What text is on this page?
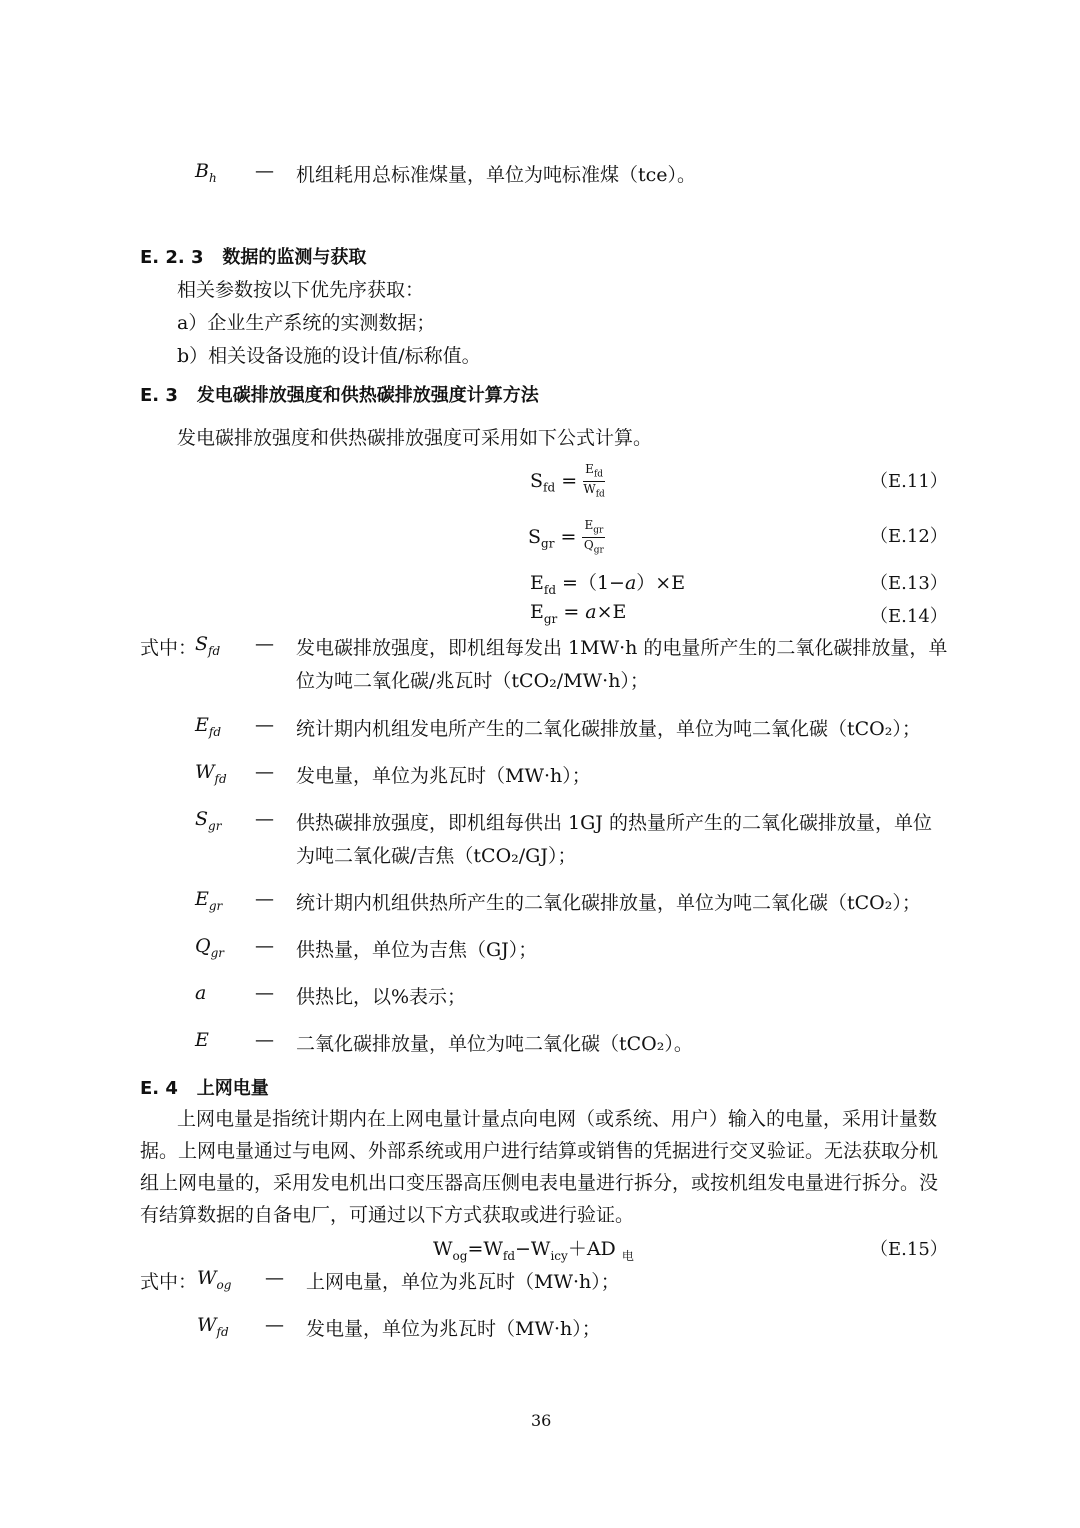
$B_h$ — 机组耗用总标准煤量，单位为吨标准煤（tce）。
E. 2. 3 数据的监测与获取
相关参数按以下优先序获取：
a）企业生产系统的实测数据；
b）相关设备设施的设计值/标称值。
E. 3 发电碳排放强度和供热碳排放强度计算方法
发电碳排放强度和供热碳排放强度可采用如下公式计算。
$S_{fd} = \frac{E_{fd}}{W_{fd}}$	（E.11）
$S_{gr} = \frac{E_{gr}}{Q_{gr}}$	（E.12）
$E_{fd} =(1-a)\times E$	（E.13）
$E_{gr} = a\times E$	（E.14）
式中：
$S_{fd}$ — 发电碳排放强度，即机组每发出 1MW·h 的电量所产生的二氧化碳排放量，单
位为吨二氧化碳/兆瓦时（tCO₂/MW·h）；
$E_{fd}$ — 统计期内机组发电所产生的二氧化碳排放量，单位为吨二氧化碳（tCO₂）；
$W_{fd}$ — 发电量，单位为兆瓦时（MW·h）；
$S_{gr}$ — 供热碳排放强度，即机组每供出 1GJ 的热量所产生的二氧化碳排放量，单位
为吨二氧化碳/吉焦（tCO₂/GJ）；
$E_{gr}$ — 统计期内机组供热所产生的二氧化碳排放量，单位为吨二氧化碳（tCO₂）；
$Q_{gr}$ — 供热量，单位为吉焦（GJ）；
a	— 供热比，以%表示；
E — 二氧化碳排放量，单位为吨二氧化碳（tCO₂）。
E. 4 上网电量
上网电量是指统计期内在上网电量计量点向电网（或系统、用户）输入的电量，采用计量数
据。上网电量通过与电网、外部系统或用户进行结算或销售的凭据进行交叉验证。无法获取分机
组上网电量的，采用发电机出口变压器高压侧电表电量进行拆分，或按机组发电量进行拆分。没
有结算数据的自备电厂，可通过以下方式获取或进行验证。
$W_{og}=W_{fd}-W_{icy}+AD$ $_电$	（E.15）
式中： $W_{og}$ — 上网电量，单位为兆瓦时（MW·h）；
$W_{fd}$ — 发电量，单位为兆瓦时（MW·h）；
36
